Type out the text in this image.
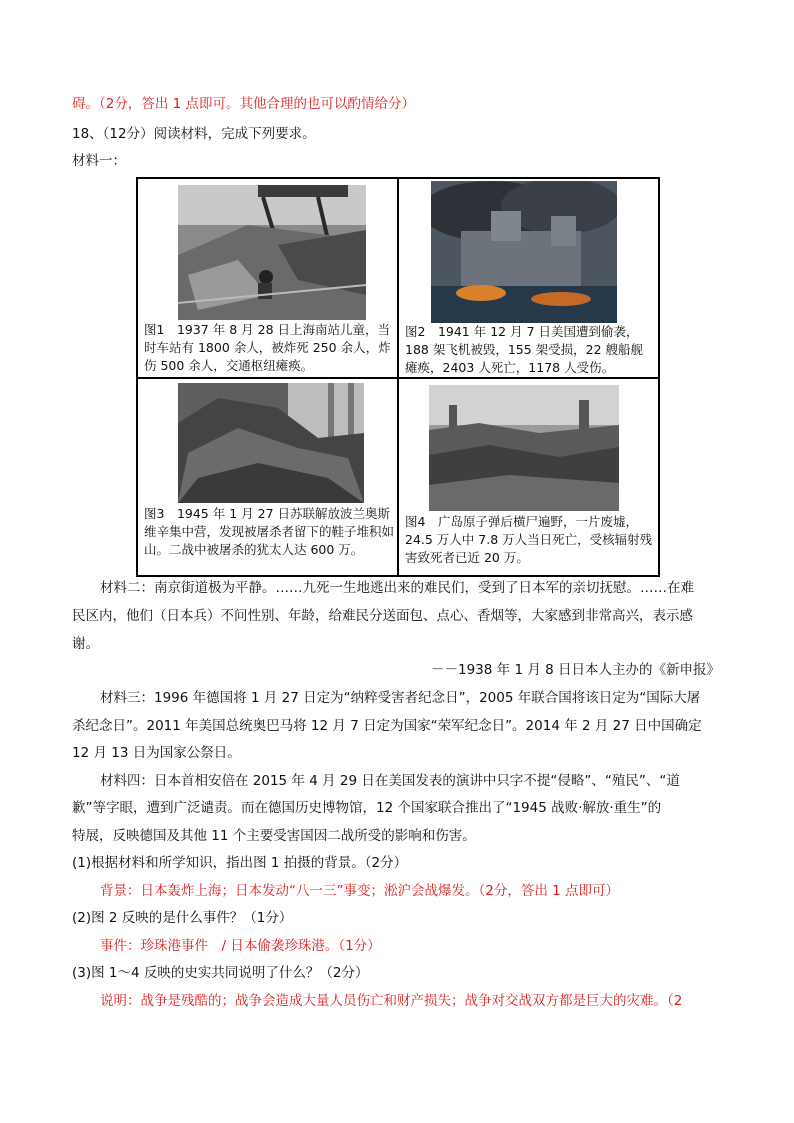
碍。（2分，答出 1 点即可。其他合理的也可以酌情给分）
18、（12分）阅读材料，完成下列要求。
材料一：
图1　1937 年 8 月 28 日上海南站儿童，当时车站有 1800 余人，被炸死 250 余人，炸伤 500 余人，交通枢纽瘫痪。	图2　1941 年 12 月 7 日美国遭到偷袭，188 架飞机被毁，155 架受损，22 艘船舰瘫痪，2403 人死亡，1178 人受伤。

图3　1945 年 1 月 27 日苏联解放波兰奥斯维辛集中营，发现被屠杀者留下的鞋子堆积如山。二战中被屠杀的犹太人达 600 万。	图4　广岛原子弹后横尸遍野，一片废墟，24.5 万人中 7.8 万人当日死亡，受核辐射残害致死者已近 20 万。
材料二：南京街道极为平静。……九死一生地逃出来的难民们，受到了日本军的亲切抚慰。……在难
民区内，他们（日本兵）不问性别、年龄，给难民分送面包、点心、香烟等，大家感到非常高兴，表示感
谢。
－－1938 年 1 月 8 日日本人主办的《新申报》
材料三：1996 年德国将 1 月 27 日定为“纳粹受害者纪念日”，2005 年联合国将该日定为“国际大屠
杀纪念日”。2011 年美国总统奥巴马将 12 月 7 日定为国家“荣军纪念日”。2014 年 2 月 27 日中国确定
12 月 13 日为国家公祭日。
材料四：日本首相安倍在 2015 年 4 月 29 日在美国发表的演讲中只字不提“侵略”、“殖民”、“道
歉”等字眼，遭到广泛谴责。而在德国历史博物馆，12 个国家联合推出了“1945 战败·解放·重生”的
特展，反映德国及其他 11 个主要受害国因二战所受的影响和伤害。
(1)根据材料和所学知识，指出图 1 拍摄的背景。（2分）
背景：日本轰炸上海；日本发动“八一三”事变；淞沪会战爆发。（2分，答出 1 点即可）
(2)图 2 反映的是什么事件？（1分）
事件：珍珠港事件　/ 日本偷袭珍珠港。（1分）
(3)图 1～4 反映的史实共同说明了什么？（2分）
说明：战争是残酷的；战争会造成大量人员伤亡和财产损失；战争对交战双方都是巨大的灾难。（2
